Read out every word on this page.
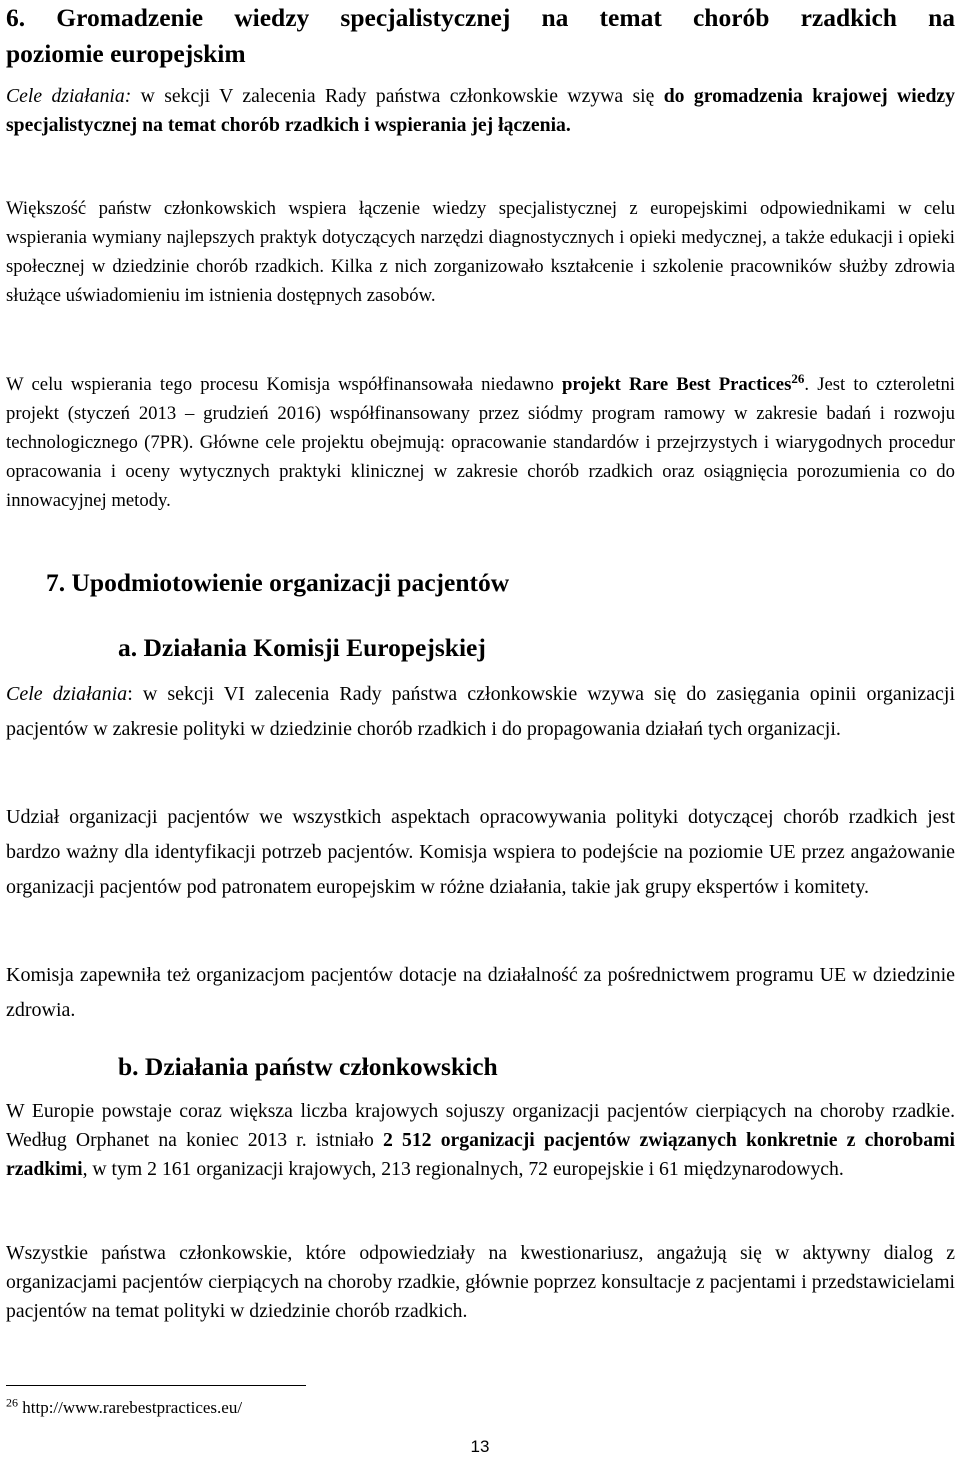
6. Gromadzenie wiedzy specjalistycznej na temat chorób rzadkich na
poziomie europejskim
Cele działania: w sekcji V zalecenia Rady państwa członkowskie wzywa się do gromadzenia krajowej wiedzy specjalistycznej na temat chorób rzadkich i wspierania jej łączenia.
Większość państw członkowskich wspiera łączenie wiedzy specjalistycznej z europejskimi odpowiednikami w celu wspierania wymiany najlepszych praktyk dotyczących narzędzi diagnostycznych i opieki medycznej, a także edukacji i opieki społecznej w dziedzinie chorób rzadkich. Kilka z nich zorganizowało kształcenie i szkolenie pracowników służby zdrowia służące uświadomieniu im istnienia dostępnych zasobów.
W celu wspierania tego procesu Komisja współfinansowała niedawno projekt Rare Best Practices$^{26}$. Jest to czteroletni projekt (styczeń 2013 – grudzień 2016) współfinansowany przez siódmy program ramowy w zakresie badań i rozwoju technologicznego (7PR). Główne cele projektu obejmują: opracowanie standardów i przejrzystych i wiarygodnych procedur opracowania i oceny wytycznych praktyki klinicznej w zakresie chorób rzadkich oraz osiągnięcia porozumienia co do innowacyjnej metody.
7. Upodmiotowienie organizacji pacjentów
a. Działania Komisji Europejskiej
Cele działania: w sekcji VI zalecenia Rady państwa członkowskie wzywa się do zasięgania opinii organizacji pacjentów w zakresie polityki w dziedzinie chorób rzadkich i do propagowania działań tych organizacji.
Udział organizacji pacjentów we wszystkich aspektach opracowywania polityki dotyczącej chorób rzadkich jest bardzo ważny dla identyfikacji potrzeb pacjentów. Komisja wspiera to podejście na poziomie UE przez angażowanie organizacji pacjentów pod patronatem europejskim w różne działania, takie jak grupy ekspertów i komitety.
Komisja zapewniła też organizacjom pacjentów dotacje na działalność za pośrednictwem programu UE w dziedzinie zdrowia.
b. Działania państw członkowskich
W Europie powstaje coraz większa liczba krajowych sojuszy organizacji pacjentów cierpiących na choroby rzadkie. Według Orphanet na koniec 2013 r. istniało 2 512 organizacji pacjentów związanych konkretnie z chorobami rzadkimi, w tym 2 161 organizacji krajowych, 213 regionalnych, 72 europejskie i 61 międzynarodowych.
Wszystkie państwa członkowskie, które odpowiedziały na kwestionariusz, angażują się w aktywny dialog z organizacjami pacjentów cierpiących na choroby rzadkie, głównie poprzez konsultacje z pacjentami i przedstawicielami pacjentów na temat polityki w dziedzinie chorób rzadkich.
$^{26}$ http://www.rarebestpractices.eu/
13
